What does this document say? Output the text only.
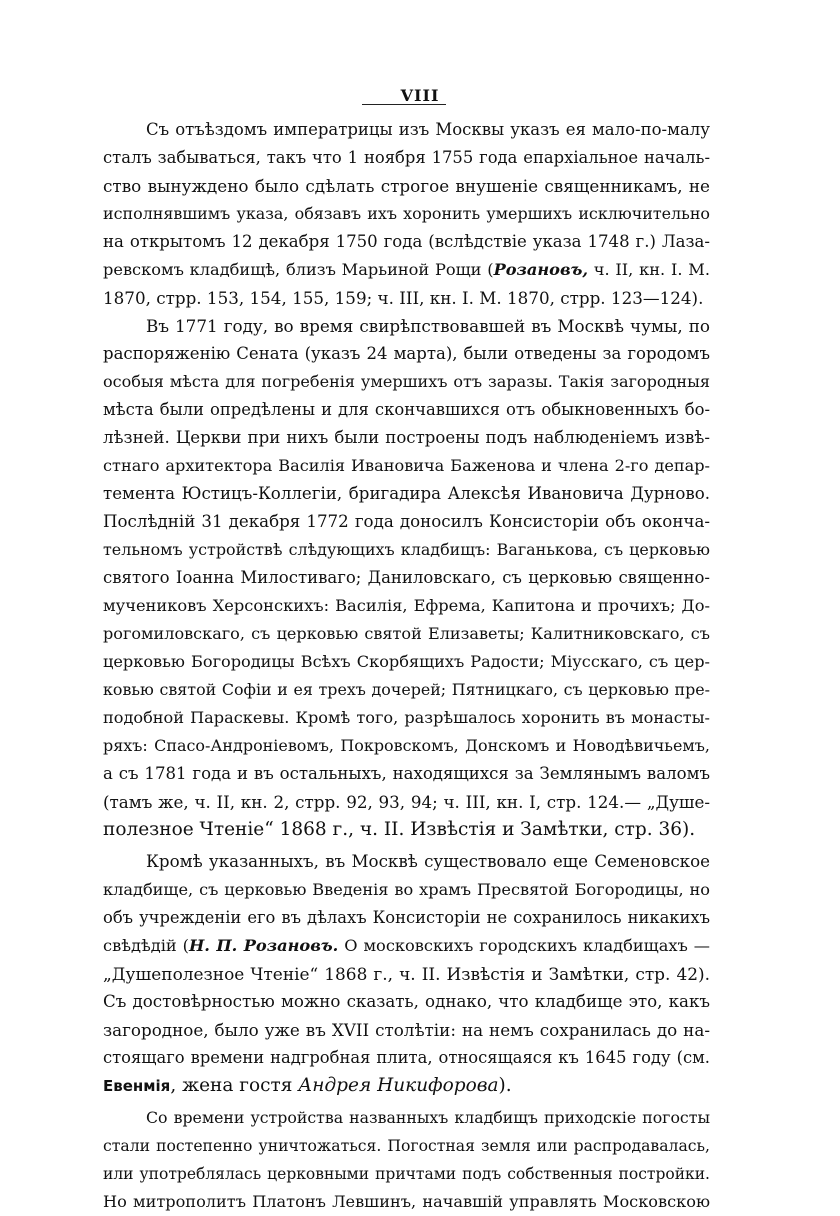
VIII
Съ отъѣздомъ императрицы изъ Москвы указъ ея мало-по-малу
сталъ забываться, такъ что 1 ноября 1755 года епархіальное началь-
ство вынуждено было сдѣлать строгое внушеніе священникамъ, не
исполнявшимъ указа, обязавъ ихъ хоронить умершихъ исключительно
на открытомъ 12 декабря 1750 года (вслѣдствіе указа 1748 г.) Лаза-
ревскомъ кладбищѣ, близъ Марьиной Рощи (Розановъ, ч. II, кн. I. M.
1870, стрр. 153, 154, 155, 159; ч. III, кн. I. M. 1870, стрр. 123—124).
Въ 1771 году, во время свирѣпствовавшей въ Москвѣ чумы, по
распоряженію Сената (указъ 24 марта), были отведены за городомъ
особыя мѣста для погребенія умершихъ отъ заразы. Такія загородныя
мѣста были опредѣлены и для скончавшихся отъ обыкновенныхъ бо-
лѣзней. Церкви при нихъ были построены подъ наблюденіемъ извѣ-
стнаго архитектора Василія Ивановича Баженова и члена 2-го депар-
темента Юстицъ-Коллегіи, бригадира Алексѣя Ивановича Дурново.
Послѣдній 31 декабря 1772 года доносилъ Консисторіи объ оконча-
тельномъ устройствѣ слѣдующихъ кладбищъ: Ваганькова, съ церковью
святого Іоанна Милостиваго; Даниловскаго, съ церковью священно-
мучениковъ Херсонскихъ: Василія, Ефрема, Капитона и прочихъ; До-
рогомиловскаго, съ церковью святой Елизаветы; Калитниковскаго, съ
церковью Богородицы Всѣхъ Скорбящихъ Радости; Міусскаго, съ цер-
ковью святой Софіи и ея трехъ дочерей; Пятницкаго, съ церковью пре-
подобной Параскевы. Кромѣ того, разрѣшалось хоронить въ монасты-
ряхъ: Спасо-Андроніевомъ, Покровскомъ, Донскомъ и Новодѣвичьемъ,
а съ 1781 года и въ остальныхъ, находящихся за Землянымъ валомъ
(тамъ же, ч. II, кн. 2, стрр. 92, 93, 94; ч. III, кн. I, стр. 124.— „Душе-
полезное Чтеніе“ 1868 г., ч. II. Извѣстія и Замѣтки, стр. 36).
Кромѣ указанныхъ, въ Москвѣ существовало еще Семеновское
кладбище, съ церковью Введенія во храмъ Пресвятой Богородицы, но
объ учрежденіи его въ дѣлахъ Консисторіи не сохранилось никакихъ
свѣдѣдій (Н. П. Розановъ. О московскихъ городскихъ кладбищахъ —
„Душеполезное Чтеніе“ 1868 г., ч. II. Извѣстія и Замѣтки, стр. 42).
Съ достовѣрностью можно сказать, однако, что кладбище это, какъ
загородное, было уже въ XVII столѣтіи: на немъ сохранилась до на-
стоящаго времени надгробная плита, относящаяся къ 1645 году (см.
Евенмія, жена гостя Андрея Никифорова).
Со времени устройства названныхъ кладбищъ приходскіе погосты
стали постепенно уничтожаться. Погостная земля или распродавалась,
или употреблялась церковными причтами подъ собственныя постройки.
Но митрополитъ Платонъ Левшинъ, начавшій управлять Московскою
